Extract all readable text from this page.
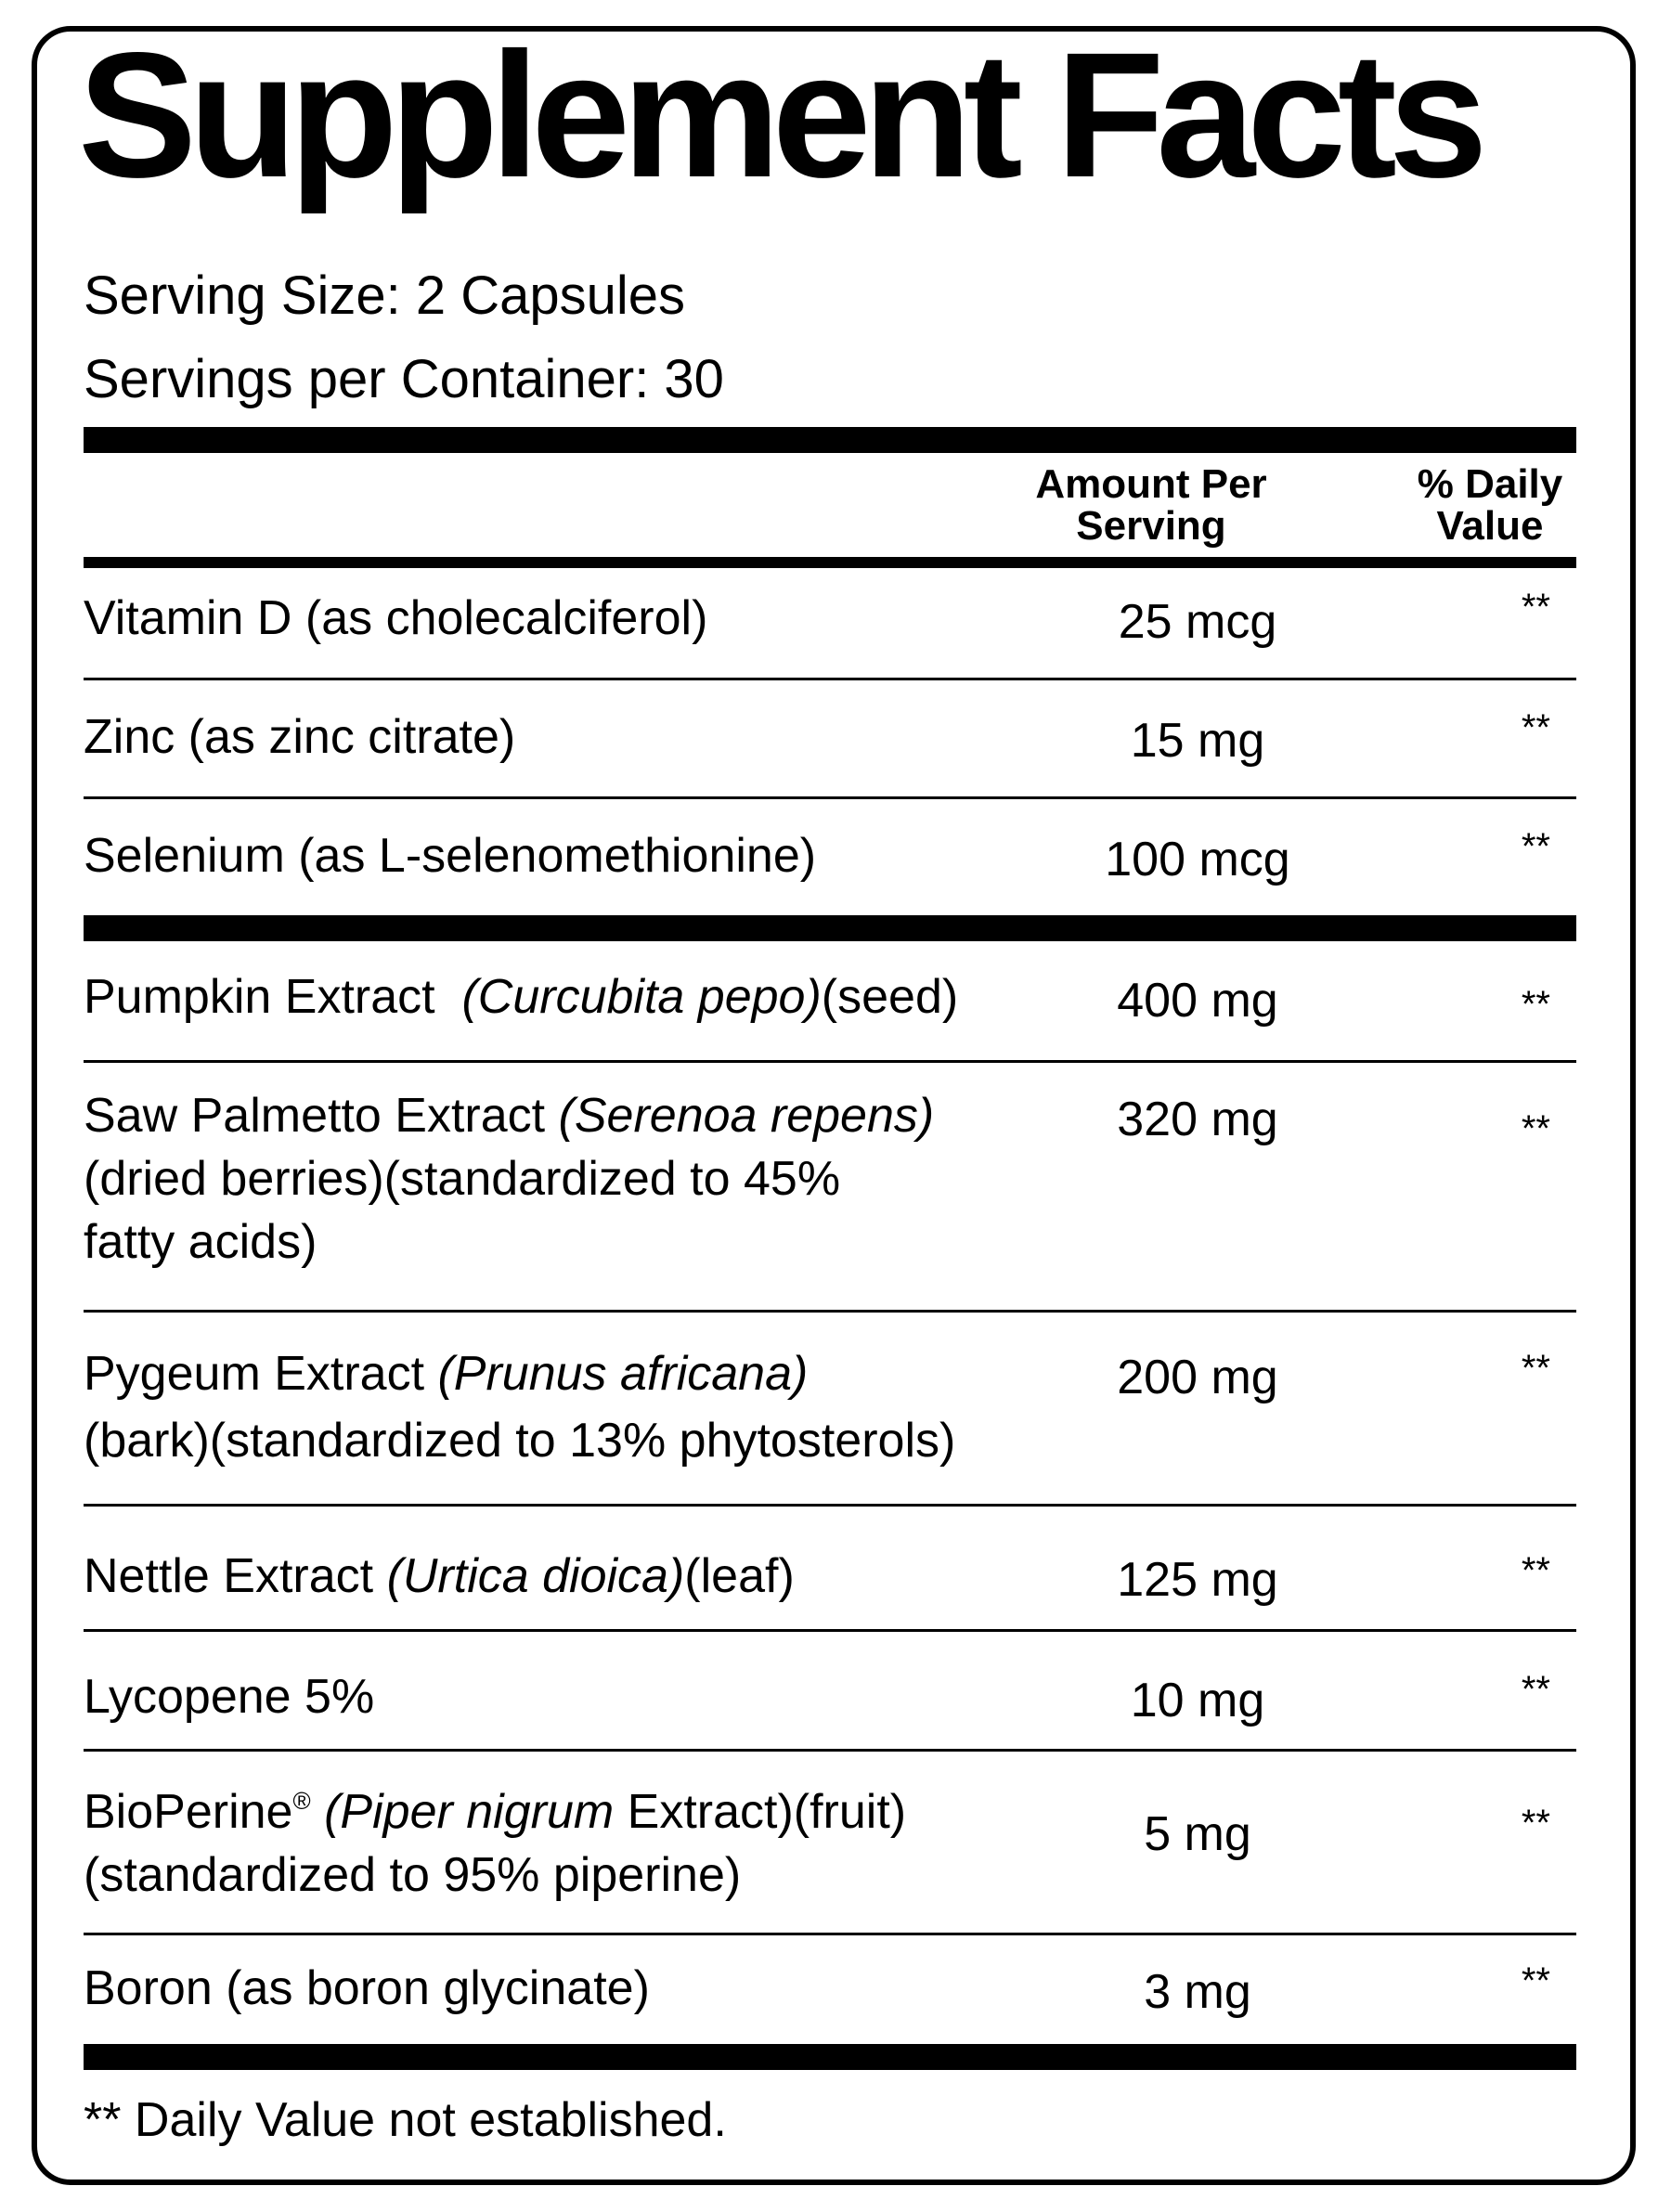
Supplement Facts
Serving Size: 2 Capsules
Servings per Container: 30
Amount Per
Serving
% Daily
Value
Vitamin D (as cholecalciferol)	25 mcg	**
Zinc (as zinc citrate)	15 mg	**
Selenium (as L-selenomethionine)	100 mcg	**
Pumpkin Extract (Curcubita pepo)(seed)	400 mg	**
Saw Palmetto Extract (Serenoa repens)
(dried berries)(standardized to 45%
fatty acids)
320 mg	**
Pygeum Extract (Prunus africana)
(bark)(standardized to 13% phytosterols)
200 mg	**
Nettle Extract (Urtica dioica)(leaf)	125 mg	**
Lycopene 5%	10 mg	**
BioPerine® (Piper nigrum Extract)(fruit)
(standardized to 95% piperine)
5 mg	**
Boron (as boron glycinate)	3 mg	**
** Daily Value not established.
